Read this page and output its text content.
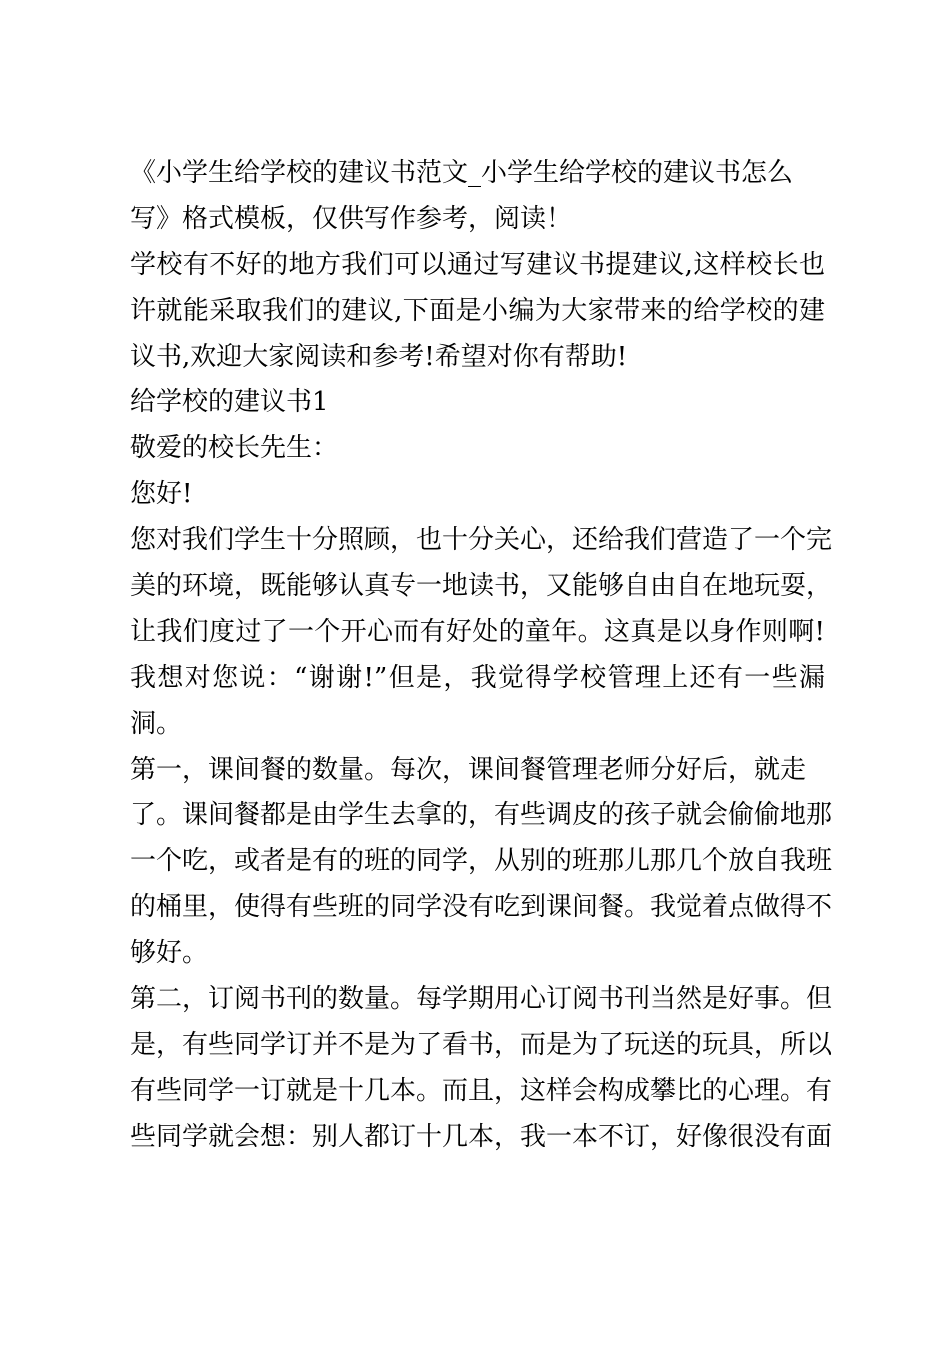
《小学生给学校的建议书范文_小学生给学校的建议书怎么
写》格式模板，仅供写作参考，阅读！
学校有不好的地方我们可以通过写建议书提建议,这样校长也
许就能采取我们的建议,下面是小编为大家带来的给学校的建
议书,欢迎大家阅读和参考!希望对你有帮助!
给学校的建议书1
敬爱的校长先生：
您好!
您对我们学生十分照顾，也十分关心，还给我们营造了一个完
美的环境，既能够认真专一地读书，又能够自由自在地玩耍，
让我们度过了一个开心而有好处的童年。这真是以身作则啊!
我想对您说：“谢谢!”但是，我觉得学校管理上还有一些漏
洞。
第一，课间餐的数量。每次，课间餐管理老师分好后，就走
了。课间餐都是由学生去拿的，有些调皮的孩子就会偷偷地那
一个吃，或者是有的班的同学，从别的班那儿那几个放自我班
的桶里，使得有些班的同学没有吃到课间餐。我觉着点做得不
够好。
第二，订阅书刊的数量。每学期用心订阅书刊当然是好事。但
是，有些同学订并不是为了看书，而是为了玩送的玩具，所以
有些同学一订就是十几本。而且，这样会构成攀比的心理。有
些同学就会想：别人都订十几本，我一本不订，好像很没有面
